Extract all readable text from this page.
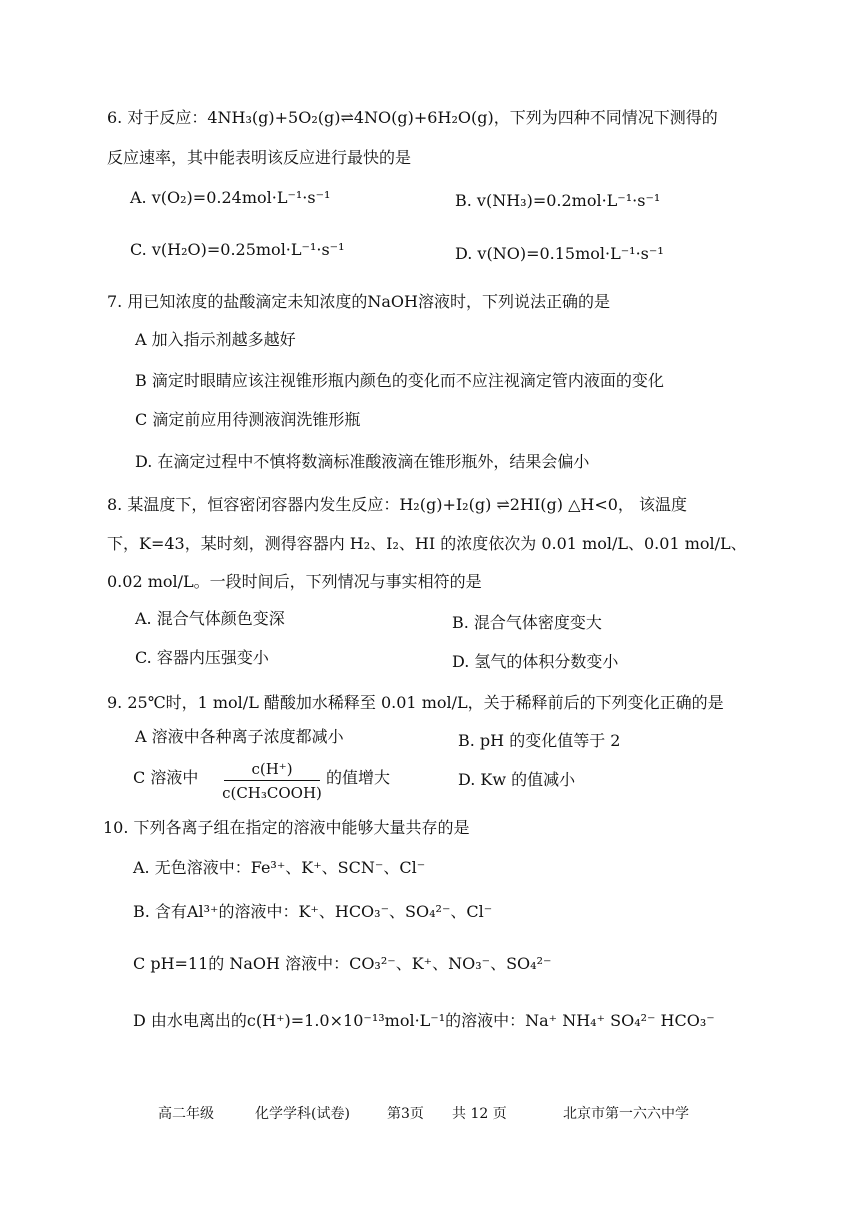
6. 对于反应：4NH₃(g)+5O₂(g)⇌4NO(g)+6H₂O(g)，下列为四种不同情况下测得的
反应速率，其中能表明该反应进行最快的是
A. v(O₂)=0.24mol·L⁻¹·s⁻¹	B. v(NH₃)=0.2mol·L⁻¹·s⁻¹
C. v(H₂O)=0.25mol·L⁻¹·s⁻¹	D. v(NO)=0.15mol·L⁻¹·s⁻¹
7. 用已知浓度的盐酸滴定未知浓度的NaOH溶液时，下列说法正确的是
A 加入指示剂越多越好
B 滴定时眼睛应该注视锥形瓶内颜色的变化而不应注视滴定管内液面的变化
C 滴定前应用待测液润洗锥形瓶
D. 在滴定过程中不慎将数滴标准酸液滴在锥形瓶外，结果会偏小
8. 某温度下，恒容密闭容器内发生反应：H₂(g)+I₂(g) ⇌2HI(g) △H<0， 该温度
下，K=43，某时刻，测得容器内 H₂、I₂、HI 的浓度依次为 0.01 mol/L、0.01 mol/L、
0.02 mol/L。一段时间后，下列情况与事实相符的是
A. 混合气体颜色变深	B. 混合气体密度变大
C. 容器内压强变小	D. 氢气的体积分数变小
9. 25℃时，1 mol/L 醋酸加水稀释至 0.01 mol/L，关于稀释前后的下列变化正确的是
A 溶液中各种离子浓度都减小	B. pH 的变化值等于 2
C 溶液中	c(H⁺)
c(CH₃COOH)
的值增大	D. Kw 的值减小
10. 下列各离子组在指定的溶液中能够大量共存的是
A. 无色溶液中：Fe³⁺、K⁺、SCN⁻、Cl⁻
B. 含有Al³⁺的溶液中：K⁺、HCO₃⁻、SO₄²⁻、Cl⁻
C pH=11的 NaOH 溶液中：CO₃²⁻、K⁺、NO₃⁻、SO₄²⁻
D 由水电离出的c(H⁺)=1.0×10⁻¹³mol·L⁻¹的溶液中：Na⁺ NH₄⁺ SO₄²⁻ HCO₃⁻
高二年级	化学学科(试卷)	第3页 共 12 页	北京市第一六六中学
